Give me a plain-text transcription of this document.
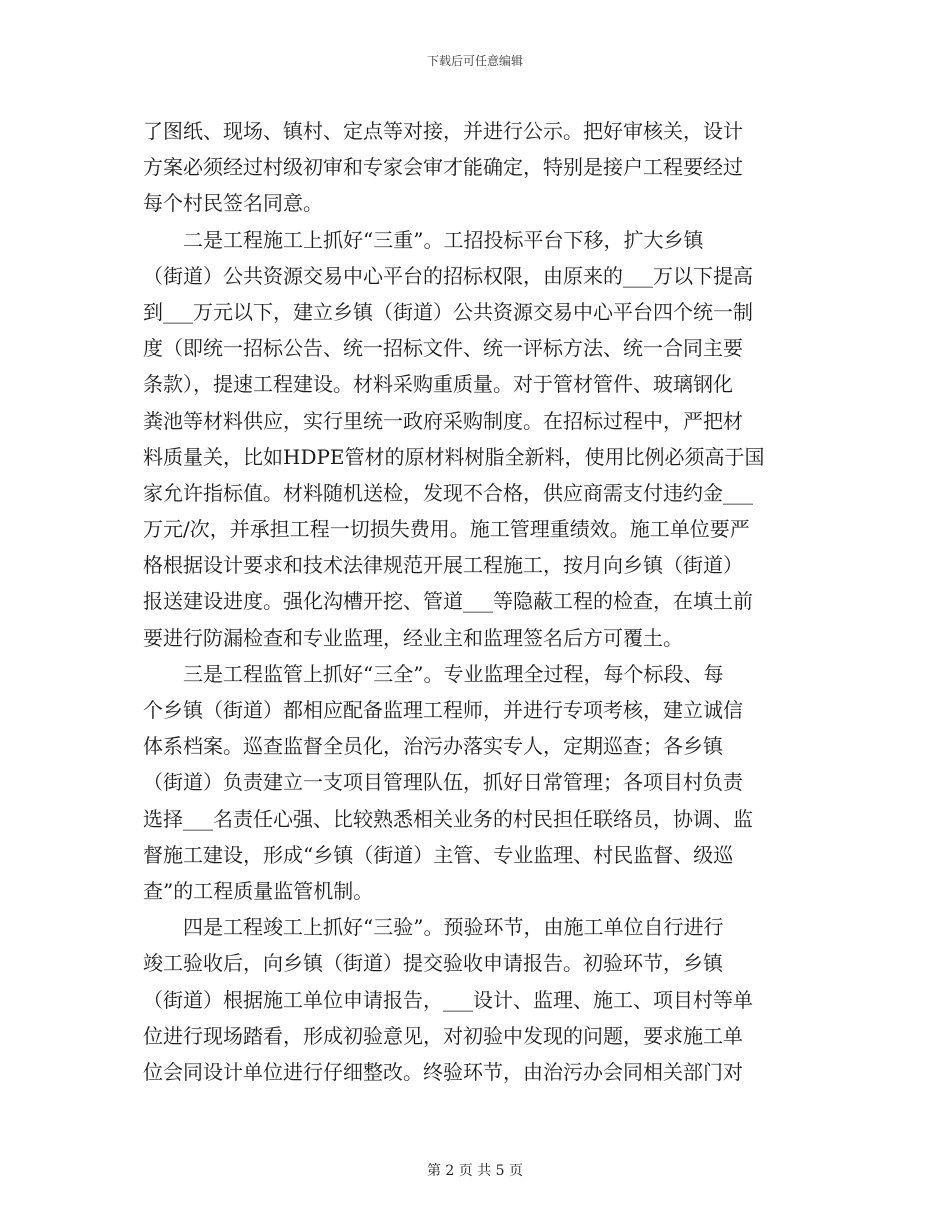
下载后可任意编辑
了图纸、现场、镇村、定点等对接，并进行公示。把好审核关，设计
方案必须经过村级初审和专家会审才能确定，特别是接户工程要经过
每个村民签名同意。
　　二是工程施工上抓好“三重”。工招投标平台下移，扩大乡镇
（街道）公共资源交易中心平台的招标权限，由原来的___万以下提高
到___万元以下，建立乡镇（街道）公共资源交易中心平台四个统一制
度（即统一招标公告、统一招标文件、统一评标方法、统一合同主要
条款），提速工程建设。材料采购重质量。对于管材管件、玻璃钢化
粪池等材料供应，实行里统一政府采购制度。在招标过程中，严把材
料质量关，比如HDPE管材的原材料树脂全新料，使用比例必须高于国
家允许指标值。材料随机送检，发现不合格，供应商需支付违约金___
万元/次，并承担工程一切损失费用。施工管理重绩效。施工单位要严
格根据设计要求和技术法律规范开展工程施工，按月向乡镇（街道）
报送建设进度。强化沟槽开挖、管道___等隐蔽工程的检查，在填土前
要进行防漏检查和专业监理，经业主和监理签名后方可覆土。
　　三是工程监管上抓好“三全”。专业监理全过程，每个标段、每
个乡镇（街道）都相应配备监理工程师，并进行专项考核，建立诚信
体系档案。巡查监督全员化，治污办落实专人，定期巡查；各乡镇
（街道）负责建立一支项目管理队伍，抓好日常管理；各项目村负责
选择___名责任心强、比较熟悉相关业务的村民担任联络员，协调、监
督施工建设，形成“乡镇（街道）主管、专业监理、村民监督、级巡
查”的工程质量监管机制。
　　四是工程竣工上抓好“三验”。预验环节，由施工单位自行进行
竣工验收后，向乡镇（街道）提交验收申请报告。初验环节，乡镇
（街道）根据施工单位申请报告，___设计、监理、施工、项目村等单
位进行现场踏看，形成初验意见，对初验中发现的问题，要求施工单
位会同设计单位进行仔细整改。终验环节，由治污办会同相关部门对
第 2 页 共 5 页
